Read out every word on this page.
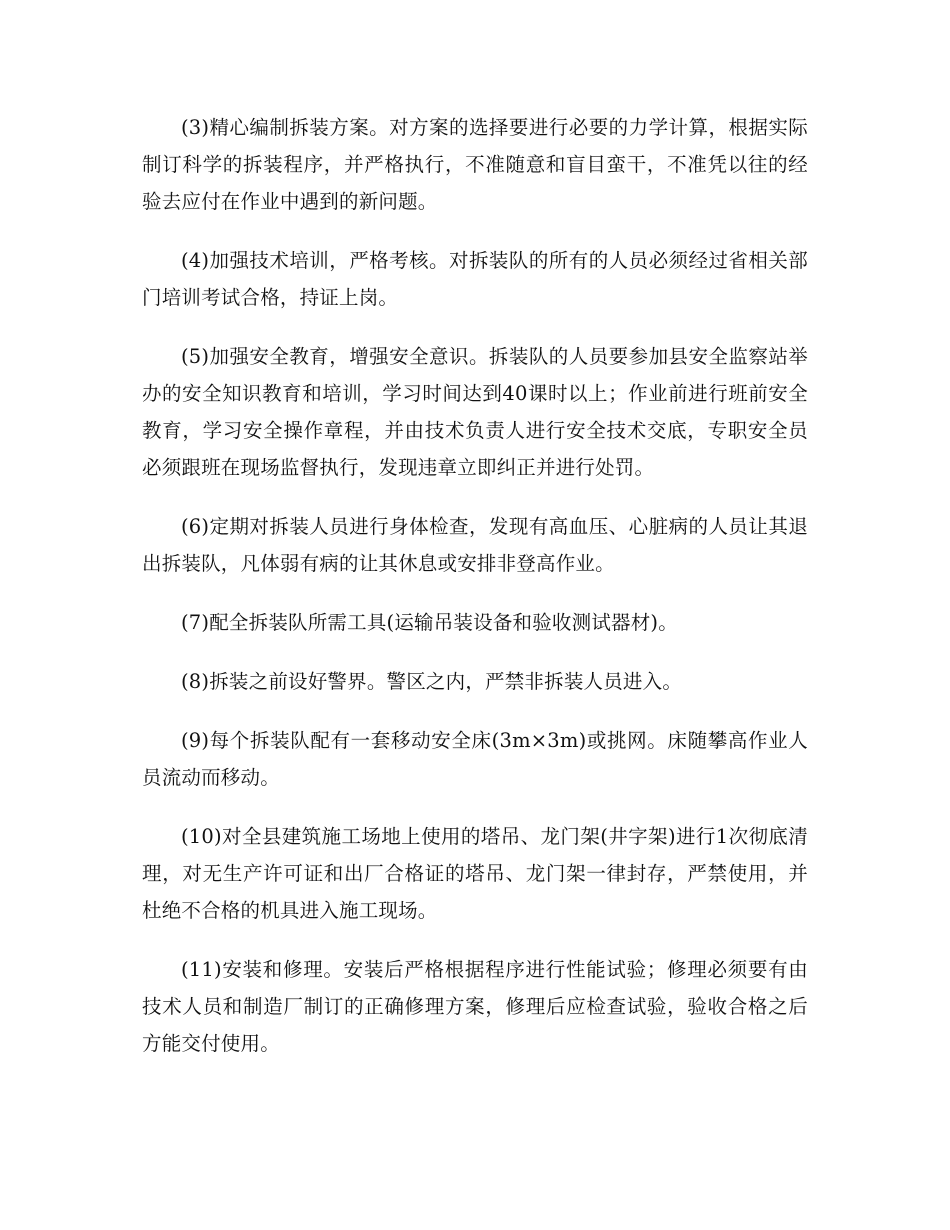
(3)精心编制拆装方案。对方案的选择要进行必要的力学计算，根据实际制订科学的拆装程序，并严格执行，不准随意和盲目蛮干，不准凭以往的经验去应付在作业中遇到的新问题。

(4)加强技术培训，严格考核。对拆装队的所有的人员必须经过省相关部门培训考试合格，持证上岗。

(5)加强安全教育，增强安全意识。拆装队的人员要参加县安全监察站举办的安全知识教育和培训，学习时间达到40课时以上；作业前进行班前安全教育，学习安全操作章程，并由技术负责人进行安全技术交底，专职安全员必须跟班在现场监督执行，发现违章立即纠正并进行处罚。

(6)定期对拆装人员进行身体检查，发现有高血压、心脏病的人员让其退出拆装队，凡体弱有病的让其休息或安排非登高作业。

(7)配全拆装队所需工具(运输吊装设备和验收测试器材)。

(8)拆装之前设好警界。警区之内，严禁非拆装人员进入。

(9)每个拆装队配有一套移动安全床(3m×3m)或挑网。床随攀高作业人员流动而移动。

(10)对全县建筑施工场地上使用的塔吊、龙门架(井字架)进行1次彻底清理，对无生产许可证和出厂合格证的塔吊、龙门架一律封存，严禁使用，并杜绝不合格的机具进入施工现场。

(11)安装和修理。安装后严格根据程序进行性能试验；修理必须要有由技术人员和制造厂制订的正确修理方案，修理后应检查试验，验收合格之后方能交付使用。
